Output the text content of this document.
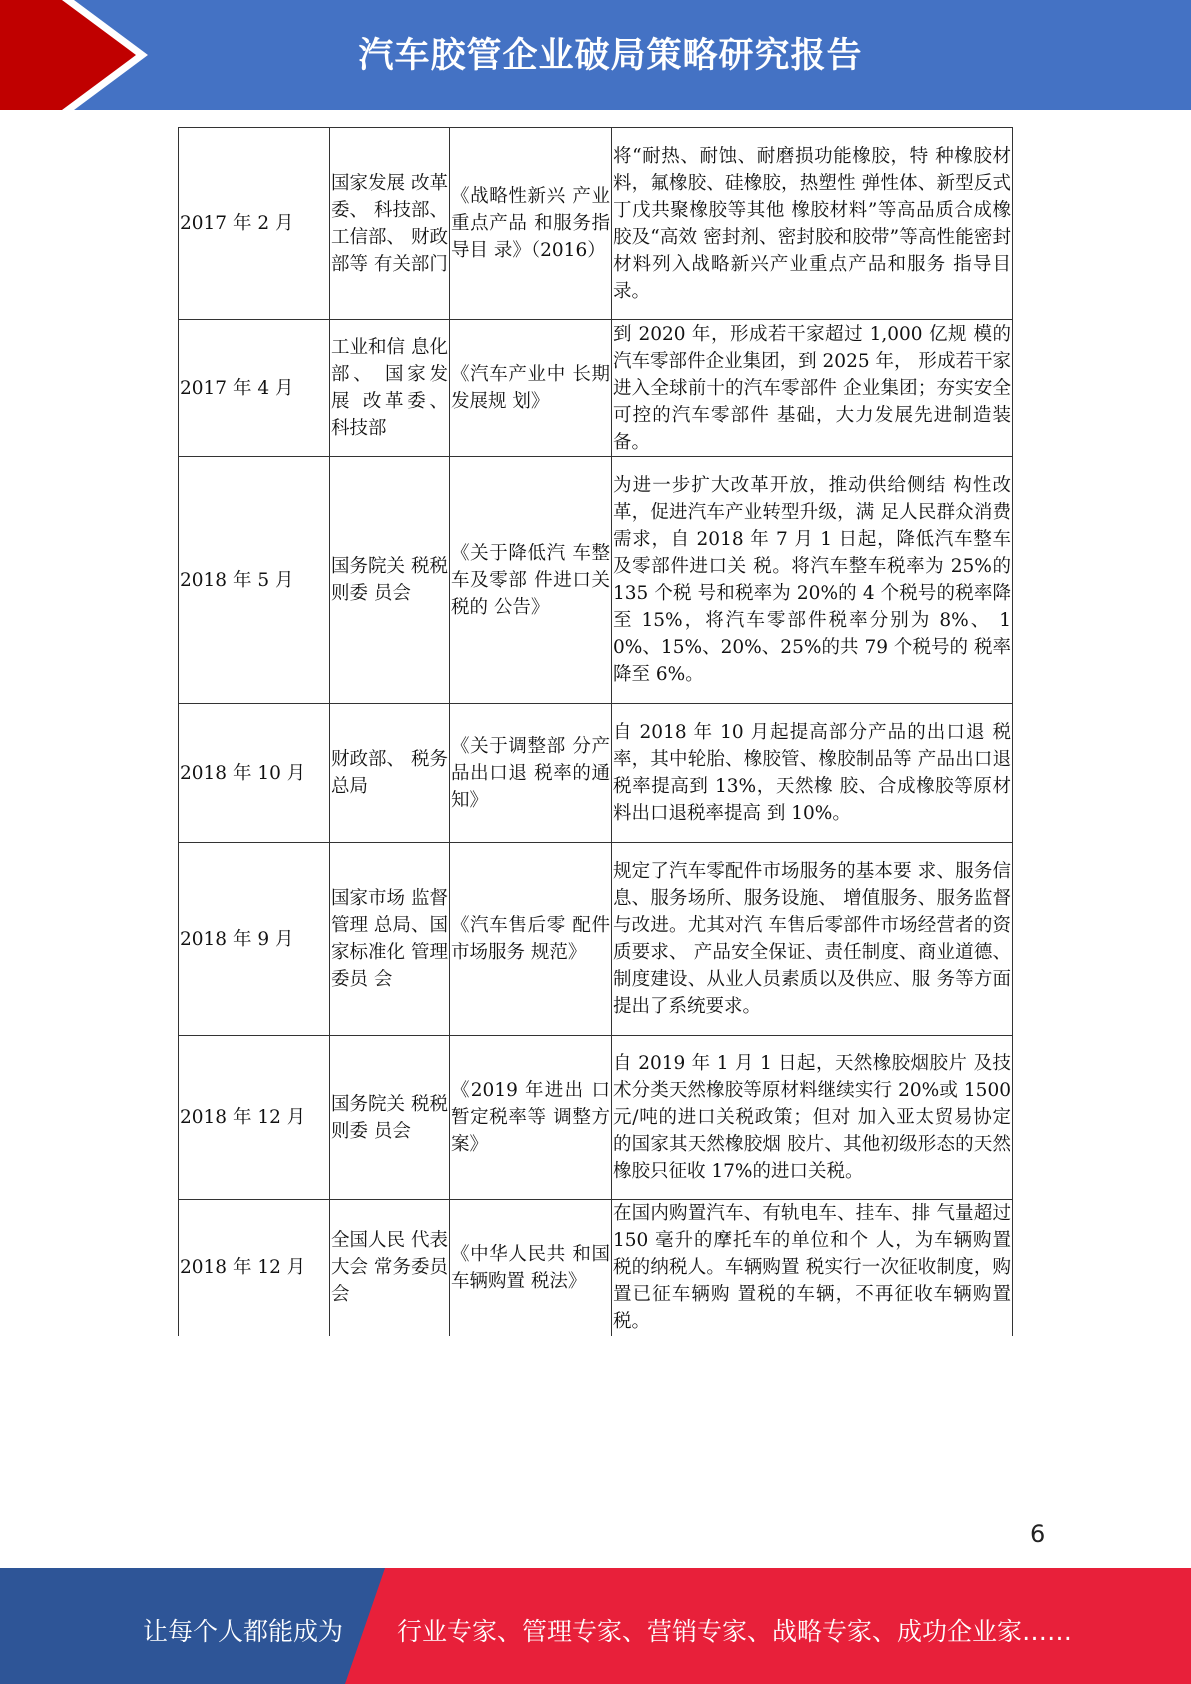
汽车胶管企业破局策略研究报告
2017 年 2 月	国家发展 改革委、 科技部、 工信部、 财政部等 有关部门	《战略性新兴 产业重点产品 和服务指导目 录》（2016）	将“耐热、耐蚀、耐磨损功能橡胶，特 种橡胶材料，氟橡胶、硅橡胶，热塑性 弹性体、新型反式丁戊共聚橡胶等其他 橡胶材料”等高品质合成橡胶及“高效 密封剂、密封胶和胶带”等高性能密封 材料列入战略新兴产业重点产品和服务 指导目录。
2017 年 4 月	工业和信 息化部、 国家发 展 改革委、 科技部	《汽车产业中 长期发展规 划》	到 2020 年，形成若干家超过 1,000 亿规 模的汽车零部件企业集团，到 2025 年， 形成若干家进入全球前十的汽车零部件 企业集团；夯实安全可控的汽车零部件 基础，大力发展先进制造装备。
2018 年 5 月	国务院关 税税则委 员会	《关于降低汽 车整车及零部 件进口关税的 公告》	为进一步扩大改革开放，推动供给侧结 构性改革，促进汽车产业转型升级，满 足人民群众消费需求，自 2018 年 7 月 1 日起，降低汽车整车及零部件进口关 税。将汽车整车税率为 25%的 135 个税 号和税率为 20%的 4 个税号的税率降至 15%，将汽车零部件税率分别为 8%、 10%、15%、20%、25%的共 79 个税号的 税率降至 6%。
2018 年 10 月	财政部、 税务总局	《关于调整部 分产品出口退 税率的通知》	自 2018 年 10 月起提高部分产品的出口退 税率，其中轮胎、橡胶管、橡胶制品等 产品出口退税率提高到 13%，天然橡 胶、合成橡胶等原材料出口退税率提高 到 10%。
2018 年 9 月	国家市场 监督管理 总局、国 家标准化 管理委员 会	《汽车售后零 配件市场服务 规范》	规定了汽车零配件市场服务的基本要 求、服务信息、服务场所、服务设施、 增值服务、服务监督与改进。尤其对汽 车售后零部件市场经营者的资质要求、 产品安全保证、责任制度、商业道德、 制度建设、从业人员素质以及供应、服 务等方面提出了系统要求。
2018 年 12 月	国务院关 税税则委 员会	《2019 年进出 口暂定税率等 调整方案》	自 2019 年 1 月 1 日起，天然橡胶烟胶片 及技术分类天然橡胶等原材料继续实行 20%或 1500 元/吨的进口关税政策；但对 加入亚太贸易协定的国家其天然橡胶烟 胶片、其他初级形态的天然橡胶只征收 17%的进口关税。
2018 年 12 月	全国人民 代表大会 常务委员 会	《中华人民共 和国车辆购置 税法》	在国内购置汽车、有轨电车、挂车、排 气量超过 150 毫升的摩托车的单位和个 人，为车辆购置税的纳税人。车辆购置 税实行一次征收制度，购置已征车辆购 置税的车辆，不再征收车辆购置税。
6
让每个人都能成为 行业专家、管理专家、营销专家、战略专家、成功企业家……
